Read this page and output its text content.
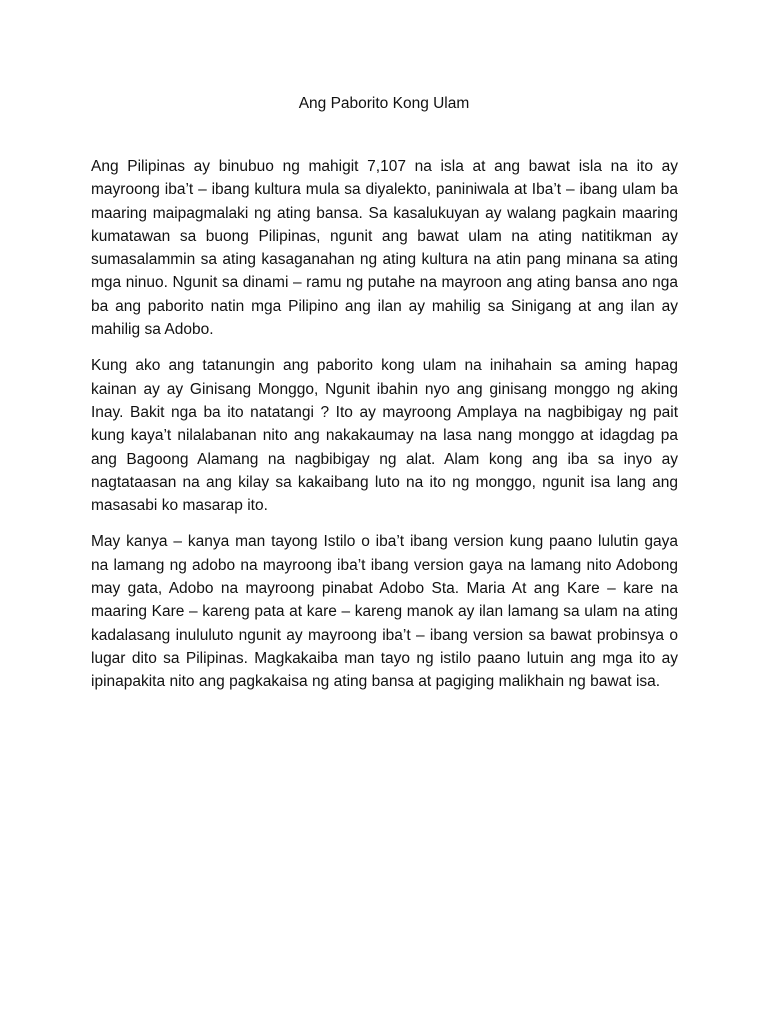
Ang Paborito Kong Ulam

Ang Pilipinas ay binubuo ng mahigit 7,107 na isla at ang bawat isla na ito ay mayroong iba’t – ibang kultura mula sa diyalekto, paniniwala at Iba’t – ibang ulam ba maaring maipagmalaki ng ating bansa. Sa kasalukuyan ay walang pagkain maaring kumatawan sa buong Pilipinas, ngunit ang bawat ulam na ating natitikman ay sumasalammin sa ating kasaganahan ng ating kultura na atin pang minana sa ating mga ninuo. Ngunit sa dinami – ramu ng putahe na mayroon ang ating bansa ano nga ba ang paborito natin mga Pilipino ang ilan ay mahilig sa Sinigang at ang ilan ay mahilig sa Adobo.

Kung ako ang tatanungin ang paborito kong ulam na inihahain sa aming hapag kainan ay ay Ginisang Monggo, Ngunit ibahin nyo ang ginisang monggo ng aking Inay. Bakit nga ba ito natatangi ? Ito ay mayroong Amplaya na nagbibigay ng pait kung kaya’t nilalabanan nito ang nakakaumay na lasa nang monggo at idagdag pa ang Bagoong Alamang na nagbibigay ng alat. Alam kong ang iba sa inyo ay nagtataasan na ang kilay sa kakaibang luto na ito ng monggo, ngunit isa lang ang masasabi ko masarap ito.

May kanya – kanya man tayong Istilo o iba’t ibang version kung paano lulutin gaya na lamang ng adobo na mayroong iba’t ibang version gaya na lamang nito Adobong may gata, Adobo na mayroong pinabat Adobo Sta. Maria At ang Kare – kare na maaring Kare – kareng pata at kare – kareng manok ay ilan lamang sa ulam na ating kadalasang inululuto ngunit ay mayroong iba’t – ibang version sa bawat probinsya o lugar dito sa Pilipinas. Magkakaiba man tayo ng istilo paano lutuin ang mga ito ay ipinapakita nito ang pagkakaisa ng ating bansa at pagiging malikhain ng bawat isa.
